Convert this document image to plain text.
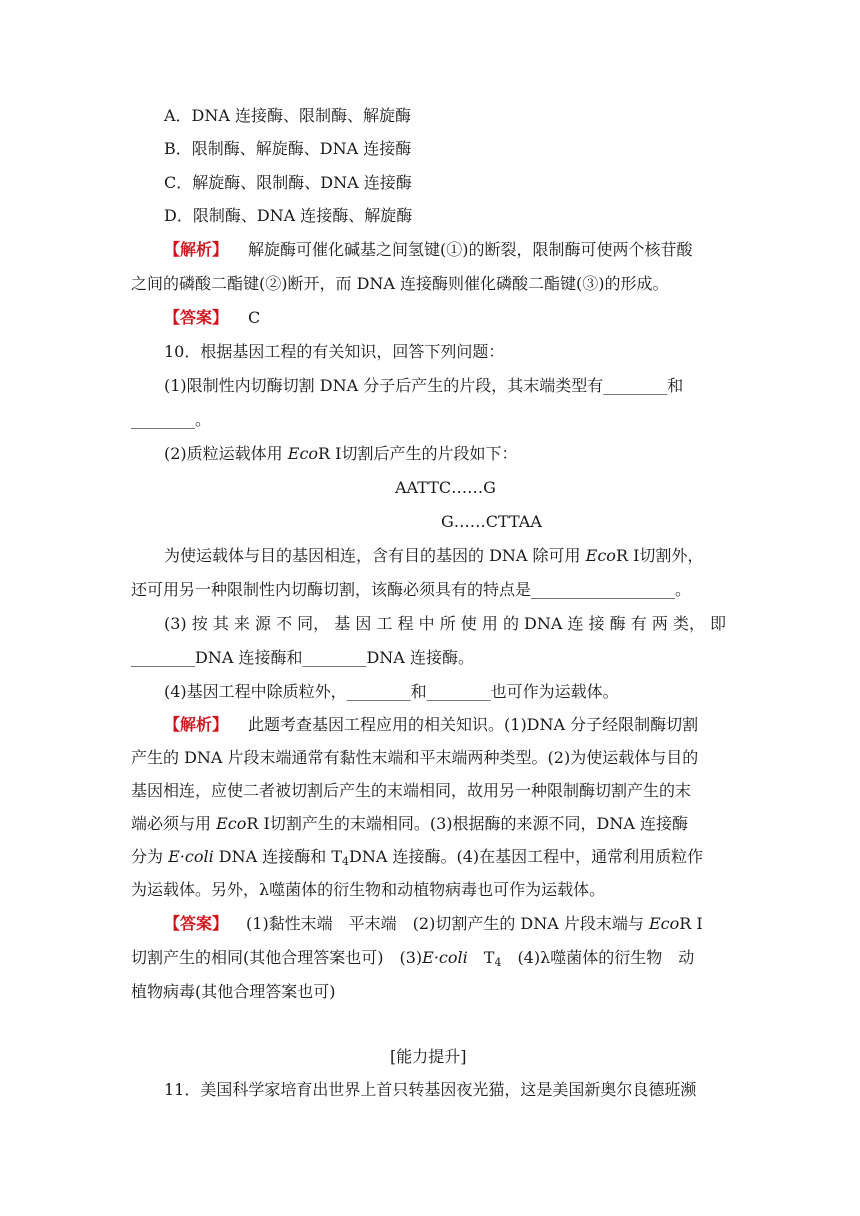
A．DNA 连接酶、限制酶、解旋酶
B．限制酶、解旋酶、DNA 连接酶
C．解旋酶、限制酶、DNA 连接酶
D．限制酶、DNA 连接酶、解旋酶
【解析】 解旋酶可催化碱基之间氢键(①)的断裂，限制酶可使两个核苷酸
之间的磷酸二酯键(②)断开，而 DNA 连接酶则催化磷酸二酯键(③)的形成。
【答案】 C
10．根据基因工程的有关知识，回答下列问题：
(1)限制性内切酶切割 DNA 分子后产生的片段，其末端类型有________和
________。
(2)质粒运载体用 EcoR Ⅰ切割后产生的片段如下：
AATTC……G
G……CTTAA
为使运载体与目的基因相连，含有目的基因的 DNA 除可用 EcoR Ⅰ切割外，
还可用另一种限制性内切酶切割，该酶必须具有的特点是__________________。
(3) 按 其 来 源 不 同， 基 因 工 程 中 所 使 用 的 DNA 连 接 酶 有 两 类， 即
________DNA 连接酶和________DNA 连接酶。
(4)基因工程中除质粒外，________和________也可作为运载体。
【解析】 此题考查基因工程应用的相关知识。(1)DNA 分子经限制酶切割
产生的 DNA 片段末端通常有黏性末端和平末端两种类型。(2)为使运载体与目的
基因相连，应使二者被切割后产生的末端相同，故用另一种限制酶切割产生的末
端必须与用 EcoR Ⅰ切割产生的末端相同。(3)根据酶的来源不同，DNA 连接酶
分为 E·coli DNA 连接酶和 $T_4DNA$ 连接酶。(4)在基因工程中，通常利用质粒作
为运载体。另外，λ噬菌体的衍生物和动植物病毒也可作为运载体。
【答案】 (1)黏性末端　平末端　(2)切割产生的 DNA 片段末端与 EcoR Ⅰ
切割产生的相同(其他合理答案也可)　(3)E·coli　$T_4$　(4)λ噬菌体的衍生物　动
植物病毒(其他合理答案也可)
[能力提升]
11．美国科学家培育出世界上首只转基因夜光猫，这是美国新奥尔良德班濒
